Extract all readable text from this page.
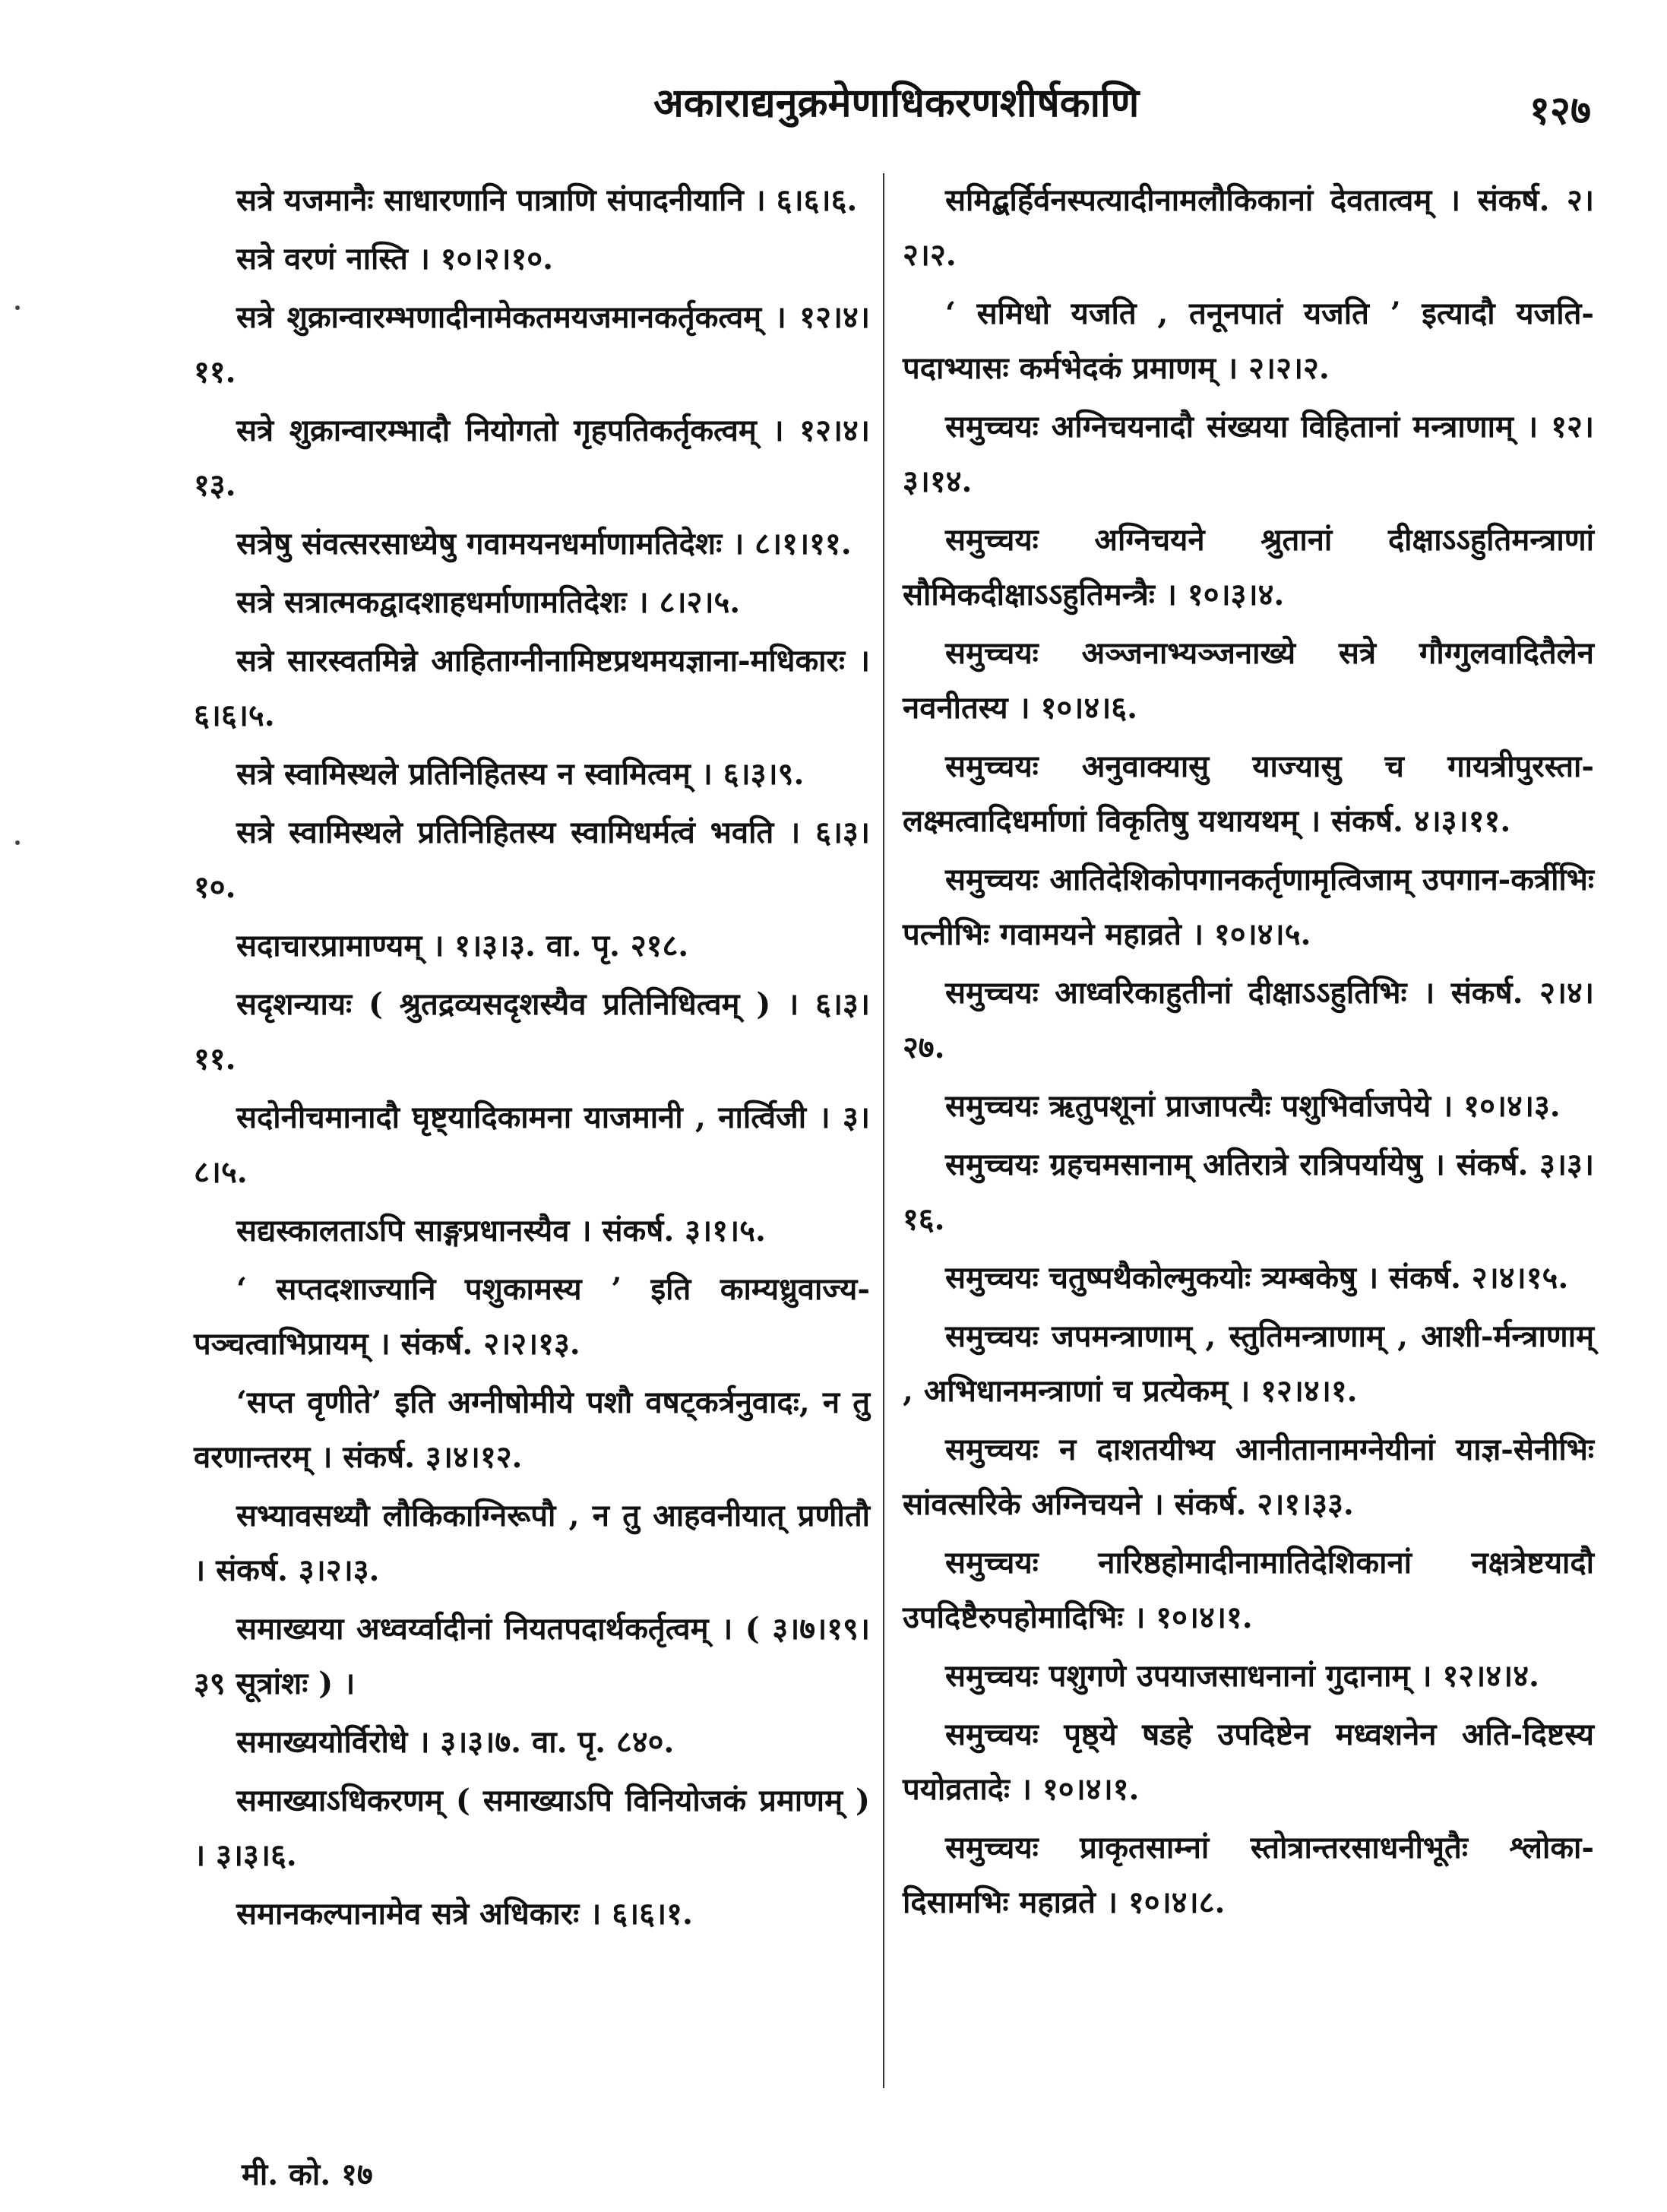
अकाराद्यनुक्रमेणाधिकरणशीर्षकाणि	१२७

सत्रे यजमानैः साधारणानि पात्राणि संपादनीयानि । ६।६।६.

सत्रे वरणं नास्ति । १०।२।१०.

सत्रे शुक्रान्वारम्भणादीनामेकतमयजमानकर्तृकत्वम् । १२।४।११.

सत्रे शुक्रान्वारम्भादौ नियोगतो गृहपतिकर्तृकत्वम् । १२।४।१३.

सत्रेषु संवत्सरसाध्येषु गवामयनधर्माणामतिदेशः । ८।१।११.

सत्रे सत्रात्मकद्वादशाहधर्माणामतिदेशः । ८।२।५.

सत्रे सारस्वतमिन्ने आहिताग्नीनामिष्टप्रथमयज्ञाना-मधिकारः । ६।६।५.

सत्रे स्वामिस्थले प्रतिनिहितस्य न स्वामित्वम् । ६।३।९.

सत्रे स्वामिस्थले प्रतिनिहितस्य स्वामिधर्मत्वं भवति । ६।३।१०.

सदाचारप्रामाण्यम् । १।३।३. वा. पृ. २१८.

सदृशन्यायः ( श्रुतद्रव्यसदृशस्यैव प्रतिनिधित्वम् ) । ६।३।११.

सदोनीचमानादौ घृष्ट्यादिकामना याजमानी , नार्त्विजी । ३।८।५.

सद्यस्कालताऽपि साङ्गप्रधानस्यैव । संकर्ष. ३।१।५.

‘ सप्तदशाज्यानि पशुकामस्य ’ इति काम्यध्रुवाज्य-पञ्चत्वाभिप्रायम् । संकर्ष. २।२।१३.

‘सप्त वृणीते’ इति अग्नीषोमीये पशौ वषट्कर्त्रनुवादः, न तु वरणान्तरम् । संकर्ष. ३।४।१२.

सभ्यावसथ्यौ लौकिकाग्निरूपौ , न तु आहवनीयात् प्रणीतौ । संकर्ष. ३।२।३.

समाख्यया अध्वर्य्वादीनां नियतपदार्थकर्तृत्वम् । ( ३।७।१९।३९ सूत्रांशः ) ।

समाख्ययोर्विरोधे । ३।३।७. वा. पृ. ८४०.

समाख्याऽधिकरणम् ( समाख्याऽपि विनियोजकं प्रमाणम् ) । ३।३।६.

समानकल्पानामेव सत्रे अधिकारः । ६।६।१.

समिद्बर्हिर्वनस्पत्यादीनामलौकिकानां देवतात्वम् । संकर्ष. २।२।२.

‘ समिधो यजति , तनूनपातं यजति ’ इत्यादौ यजति-पदाभ्यासः कर्मभेदकं प्रमाणम् । २।२।२.

समुच्चयः अग्निचयनादौ संख्यया विहितानां मन्त्राणाम् । १२।३।१४.

समुच्चयः अग्निचयने श्रुतानां दीक्षाऽऽहुतिमन्त्राणां सौमिकदीक्षाऽऽहुतिमन्त्रैः । १०।३।४.

समुच्चयः अञ्जनाभ्यञ्जनाख्ये सत्रे गौग्गुलवादितैलेन नवनीतस्य । १०।४।६.

समुच्चयः अनुवाक्यासु याज्यासु च गायत्रीपुरस्ता-लक्ष्मत्वादिधर्माणां विकृतिषु यथायथम् । संकर्ष. ४।३।११.

समुच्चयः आतिदेशिकोपगानकर्तृणामृत्विजाम् उपगान-कर्त्रीभिः पत्नीभिः गवामयने महाव्रते । १०।४।५.

समुच्चयः आध्वरिकाहुतीनां दीक्षाऽऽहुतिभिः । संकर्ष. २।४।२७.

समुच्चयः ऋतुपशूनां प्राजापत्यैः पशुभिर्वाजपेये । १०।४।३.

समुच्चयः ग्रहचमसानाम् अतिरात्रे रात्रिपर्यायेषु । संकर्ष. ३।३।१६.

समुच्चयः चतुष्पथैकोल्मुकयोः त्र्यम्बकेषु । संकर्ष. २।४।१५.

समुच्चयः जपमन्त्राणाम् , स्तुतिमन्त्राणाम् , आशी-र्मन्त्राणाम् , अभिधानमन्त्राणां च प्रत्येकम् । १२।४।१.

समुच्चयः न दाशतयीभ्य आनीतानामग्नेयीनां याज्ञ-सेनीभिः सांवत्सरिके अग्निचयने । संकर्ष. २।१।३३.

समुच्चयः नारिष्ठहोमादीनामातिदेशिकानां नक्षत्रेष्टयादौ उपदिष्टैरुपहोमादिभिः । १०।४।१.

समुच्चयः पशुगणे उपयाजसाधनानां गुदानाम् । १२।४।४.

समुच्चयः पृष्ठ्ये षडहे उपदिष्टेन मध्वशनेन अति-दिष्टस्य पयोव्रतादेः । १०।४।१.

समुच्चयः प्राकृतसाम्नां स्तोत्रान्तरसाधनीभूतैः श्लोका-दिसामभिः महाव्रते । १०।४।८.

मी. को. १७
